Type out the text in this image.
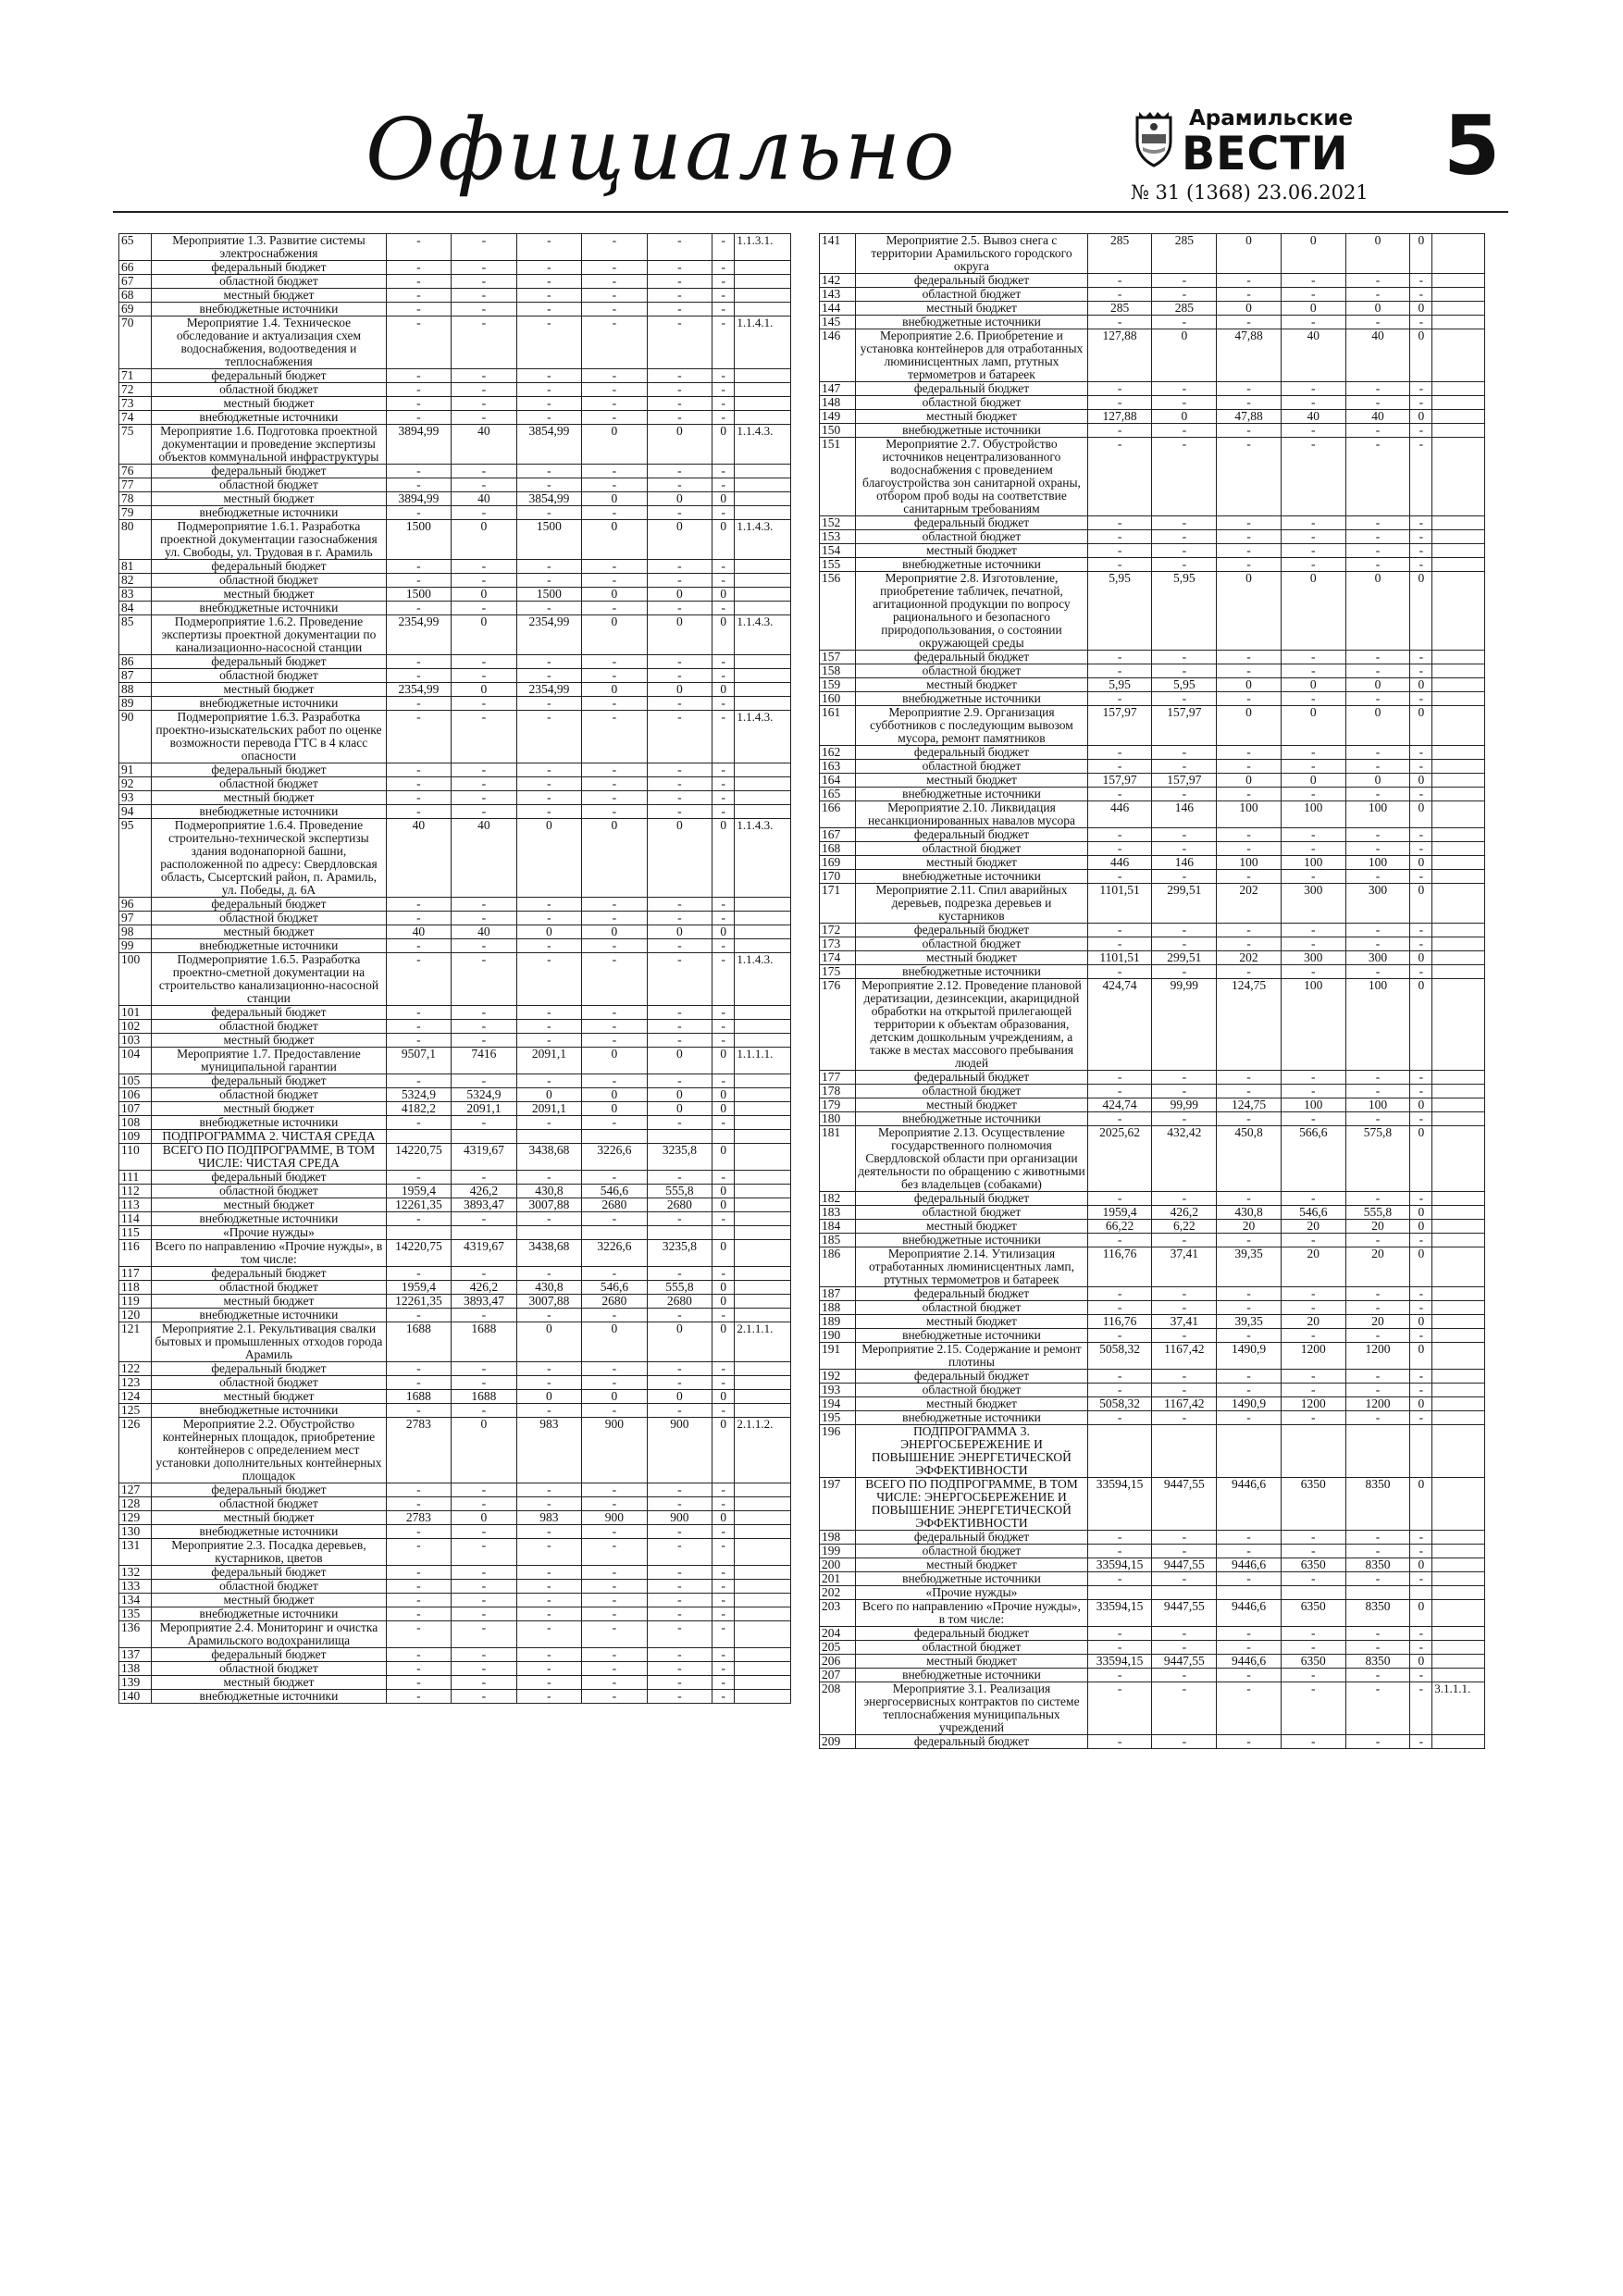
Официально	Арамильские
ВЕСТИ 5
№ 31 (1368) 23.06.2021
65	Мероприятие 1.3. Развитие системы электроснабжения	-	-	-	-	-	-	1.1.3.1.
66	федеральный бюджет	-	-	-	-	-	-	
67	областной бюджет	-	-	-	-	-	-	
68	местный бюджет	-	-	-	-	-	-	
69	внебюджетные источники	-	-	-	-	-	-	
70	Мероприятие 1.4. Техническое обследование и актуализация схем водоснабжения, водоотведения и теплоснабжения	-	-	-	-	-	-	1.1.4.1.
71	федеральный бюджет	-	-	-	-	-	-	
72	областной бюджет	-	-	-	-	-	-	
73	местный бюджет	-	-	-	-	-	-	
74	внебюджетные источники	-	-	-	-	-	-	
75	Мероприятие 1.6. Подготовка проектной документации и проведение экспертизы объектов коммунальной инфраструктуры	3894,99	40	3854,99	0	0	0	1.1.4.3.
76	федеральный бюджет	-	-	-	-	-	-	
77	областной бюджет	-	-	-	-	-	-	
78	местный бюджет	3894,99	40	3854,99	0	0	0	
79	внебюджетные источники	-	-	-	-	-	-	
80	Подмероприятие 1.6.1. Разработка проектной документации газоснабжения ул. Свободы, ул. Трудовая в г. Арамиль	1500	0	1500	0	0	0	1.1.4.3.
81	федеральный бюджет	-	-	-	-	-	-	
82	областной бюджет	-	-	-	-	-	-	
83	местный бюджет	1500	0	1500	0	0	0	
84	внебюджетные источники	-	-	-	-	-	-	
85	Подмероприятие 1.6.2. Проведение экспертизы проектной документации по канализационно-насосной станции	2354,99	0	2354,99	0	0	0	1.1.4.3.
86	федеральный бюджет	-	-	-	-	-	-	
87	областной бюджет	-	-	-	-	-	-	
88	местный бюджет	2354,99	0	2354,99	0	0	0	
89	внебюджетные источники	-	-	-	-	-	-	
90	Подмероприятие 1.6.3. Разработка проектно-изыскательских работ по оценке возможности перевода ГТС в 4 класс опасности	-	-	-	-	-	-	1.1.4.3.
91	федеральный бюджет	-	-	-	-	-	-	
92	областной бюджет	-	-	-	-	-	-	
93	местный бюджет	-	-	-	-	-	-	
94	внебюджетные источники	-	-	-	-	-	-	
95	Подмероприятие 1.6.4. Проведение строительно-технической экспертизы здания водонапорной башни, расположенной по адресу: Свердловская область, Сысертский район, п. Арамиль, ул. Победы, д. 6А	40	40	0	0	0	0	1.1.4.3.
96	федеральный бюджет	-	-	-	-	-	-	
97	областной бюджет	-	-	-	-	-	-	
98	местный бюджет	40	40	0	0	0	0	
99	внебюджетные источники	-	-	-	-	-	-	
100	Подмероприятие 1.6.5. Разработка проектно-сметной документации на строительство канализационно-насосной станции	-	-	-	-	-	-	1.1.4.3.
101	федеральный бюджет	-	-	-	-	-	-	
102	областной бюджет	-	-	-	-	-	-	
103	местный бюджет	-	-	-	-	-	-	
104	Мероприятие 1.7. Предоставление муниципальной гарантии	9507,1	7416	2091,1	0	0	0	1.1.1.1.
105	федеральный бюджет	-	-	-	-	-	-	
106	областной бюджет	5324,9	5324,9	0	0	0	0	
107	местный бюджет	4182,2	2091,1	2091,1	0	0	0	
108	внебюджетные источники	-	-	-	-	-	-	
109	ПОДПРОГРАММА 2. ЧИСТАЯ СРЕДА							
110	ВСЕГО ПО ПОДПРОГРАММЕ, В ТОМ ЧИСЛЕ: ЧИСТАЯ СРЕДА	14220,75	4319,67	3438,68	3226,6	3235,8	0	
111	федеральный бюджет	-	-	-	-	-	-	
112	областной бюджет	1959,4	426,2	430,8	546,6	555,8	0	
113	местный бюджет	12261,35	3893,47	3007,88	2680	2680	0	
114	внебюджетные источники	-	-	-	-	-	-	
115	«Прочие нужды»							
116	Всего по направлению «Прочие нужды», в том числе:	14220,75	4319,67	3438,68	3226,6	3235,8	0	
117	федеральный бюджет	-	-	-	-	-	-	
118	областной бюджет	1959,4	426,2	430,8	546,6	555,8	0	
119	местный бюджет	12261,35	3893,47	3007,88	2680	2680	0	
120	внебюджетные источники	-	-	-	-	-	-	
121	Мероприятие 2.1. Рекультивация свалки бытовых и промышленных отходов города Арамиль	1688	1688	0	0	0	0	2.1.1.1.
122	федеральный бюджет	-	-	-	-	-	-	
123	областной бюджет	-	-	-	-	-	-	
124	местный бюджет	1688	1688	0	0	0	0	
125	внебюджетные источники	-	-	-	-	-	-	
126	Мероприятие 2.2. Обустройство контейнерных площадок, приобретение контейнеров с определением мест установки дополнительных контейнерных площадок	2783	0	983	900	900	0	2.1.1.2.
127	федеральный бюджет	-	-	-	-	-	-	
128	областной бюджет	-	-	-	-	-	-	
129	местный бюджет	2783	0	983	900	900	0	
130	внебюджетные источники	-	-	-	-	-	-	
131	Мероприятие 2.3. Посадка деревьев, кустарников, цветов	-	-	-	-	-	-	
132	федеральный бюджет	-	-	-	-	-	-	
133	областной бюджет	-	-	-	-	-	-	
134	местный бюджет	-	-	-	-	-	-	
135	внебюджетные источники	-	-	-	-	-	-	
136	Мероприятие 2.4. Мониторинг и очистка Арамильского водохранилища	-	-	-	-	-	-	
137	федеральный бюджет	-	-	-	-	-	-	
138	областной бюджет	-	-	-	-	-	-	
139	местный бюджет	-	-	-	-	-	-	
140	внебюджетные источники	-	-	-	-	-	-	
141	Мероприятие 2.5. Вывоз снега с территории Арамильского городского округа	285	285	0	0	0	0	
142	федеральный бюджет	-	-	-	-	-	-	
143	областной бюджет	-	-	-	-	-	-	
144	местный бюджет	285	285	0	0	0	0	
145	внебюджетные источники	-	-	-	-	-	-	
146	Мероприятие 2.6. Приобретение и установка контейнеров для отработанных люминисцентных ламп, ртутных термометров и батареек	127,88	0	47,88	40	40	0	
147	федеральный бюджет	-	-	-	-	-	-	
148	областной бюджет	-	-	-	-	-	-	
149	местный бюджет	127,88	0	47,88	40	40	0	
150	внебюджетные источники	-	-	-	-	-	-	
151	Мероприятие 2.7. Обустройство источников нецентрализованного водоснабжения с проведением благоустройства зон санитарной охраны, отбором проб воды на соответствие санитарным требованиям	-	-	-	-	-	-	
152	федеральный бюджет	-	-	-	-	-	-	
153	областной бюджет	-	-	-	-	-	-	
154	местный бюджет	-	-	-	-	-	-	
155	внебюджетные источники	-	-	-	-	-	-	
156	Мероприятие 2.8. Изготовление, приобретение табличек, печатной, агитационной продукции по вопросу рационального и безопасного природопользования, о состоянии окружающей среды	5,95	5,95	0	0	0	0	
157	федеральный бюджет	-	-	-	-	-	-	
158	областной бюджет	-	-	-	-	-	-	
159	местный бюджет	5,95	5,95	0	0	0	0	
160	внебюджетные источники	-	-	-	-	-	-	
161	Мероприятие 2.9. Организация субботников с последующим вывозом мусора, ремонт памятников	157,97	157,97	0	0	0	0	
162	федеральный бюджет	-	-	-	-	-	-	
163	областной бюджет	-	-	-	-	-	-	
164	местный бюджет	157,97	157,97	0	0	0	0	
165	внебюджетные источники	-	-	-	-	-	-	
166	Мероприятие 2.10. Ликвидация несанкционированных навалов мусора	446	146	100	100	100	0	
167	федеральный бюджет	-	-	-	-	-	-	
168	областной бюджет	-	-	-	-	-	-	
169	местный бюджет	446	146	100	100	100	0	
170	внебюджетные источники	-	-	-	-	-	-	
171	Мероприятие 2.11. Спил аварийных деревьев, подрезка деревьев и кустарников	1101,51	299,51	202	300	300	0	
172	федеральный бюджет	-	-	-	-	-	-	
173	областной бюджет	-	-	-	-	-	-	
174	местный бюджет	1101,51	299,51	202	300	300	0	
175	внебюджетные источники	-	-	-	-	-	-	
176	Мероприятие 2.12. Проведение плановой дератизации, дезинсекции, акарицидной обработки на открытой прилегающей территории к объектам образования, детским дошкольным учреждениям, а также в местах массового пребывания людей	424,74	99,99	124,75	100	100	0	
177	федеральный бюджет	-	-	-	-	-	-	
178	областной бюджет	-	-	-	-	-	-	
179	местный бюджет	424,74	99,99	124,75	100	100	0	
180	внебюджетные источники	-	-	-	-	-	-	
181	Мероприятие 2.13. Осуществление государственного полномочия Свердловской области при организации деятельности по обращению с животными без владельцев (собаками)	2025,62	432,42	450,8	566,6	575,8	0	
182	федеральный бюджет	-	-	-	-	-	-	
183	областной бюджет	1959,4	426,2	430,8	546,6	555,8	0	
184	местный бюджет	66,22	6,22	20	20	20	0	
185	внебюджетные источники	-	-	-	-	-	-	
186	Мероприятие 2.14. Утилизация отработанных люминисцентных ламп, ртутных термометров и батареек	116,76	37,41	39,35	20	20	0	
187	федеральный бюджет	-	-	-	-	-	-	
188	областной бюджет	-	-	-	-	-	-	
189	местный бюджет	116,76	37,41	39,35	20	20	0	
190	внебюджетные источники	-	-	-	-	-	-	
191	Мероприятие 2.15. Содержание и ремонт плотины	5058,32	1167,42	1490,9	1200	1200	0	
192	федеральный бюджет	-	-	-	-	-	-	
193	областной бюджет	-	-	-	-	-	-	
194	местный бюджет	5058,32	1167,42	1490,9	1200	1200	0	
195	внебюджетные источники	-	-	-	-	-	-	
196	ПОДПРОГРАММА 3. ЭНЕРГОСБЕРЕЖЕНИЕ И ПОВЫШЕНИЕ ЭНЕРГЕТИЧЕСКОЙ ЭФФЕКТИВНОСТИ							
197	ВСЕГО ПО ПОДПРОГРАММЕ, В ТОМ ЧИСЛЕ: ЭНЕРГОСБЕРЕЖЕНИЕ И ПОВЫШЕНИЕ ЭНЕРГЕТИЧЕСКОЙ ЭФФЕКТИВНОСТИ	33594,15	9447,55	9446,6	6350	8350	0	
198	федеральный бюджет	-	-	-	-	-	-	
199	областной бюджет	-	-	-	-	-	-	
200	местный бюджет	33594,15	9447,55	9446,6	6350	8350	0	
201	внебюджетные источники	-	-	-	-	-	-	
202	«Прочие нужды»							
203	Всего по направлению «Прочие нужды», в том числе:	33594,15	9447,55	9446,6	6350	8350	0	
204	федеральный бюджет	-	-	-	-	-	-	
205	областной бюджет	-	-	-	-	-	-	
206	местный бюджет	33594,15	9447,55	9446,6	6350	8350	0	
207	внебюджетные источники	-	-	-	-	-	-	
208	Мероприятие 3.1. Реализация энергосервисных контрактов по системе теплоснабжения муниципальных учреждений	-	-	-	-	-	-	3.1.1.1.
209	федеральный бюджет	-	-	-	-	-	-	
